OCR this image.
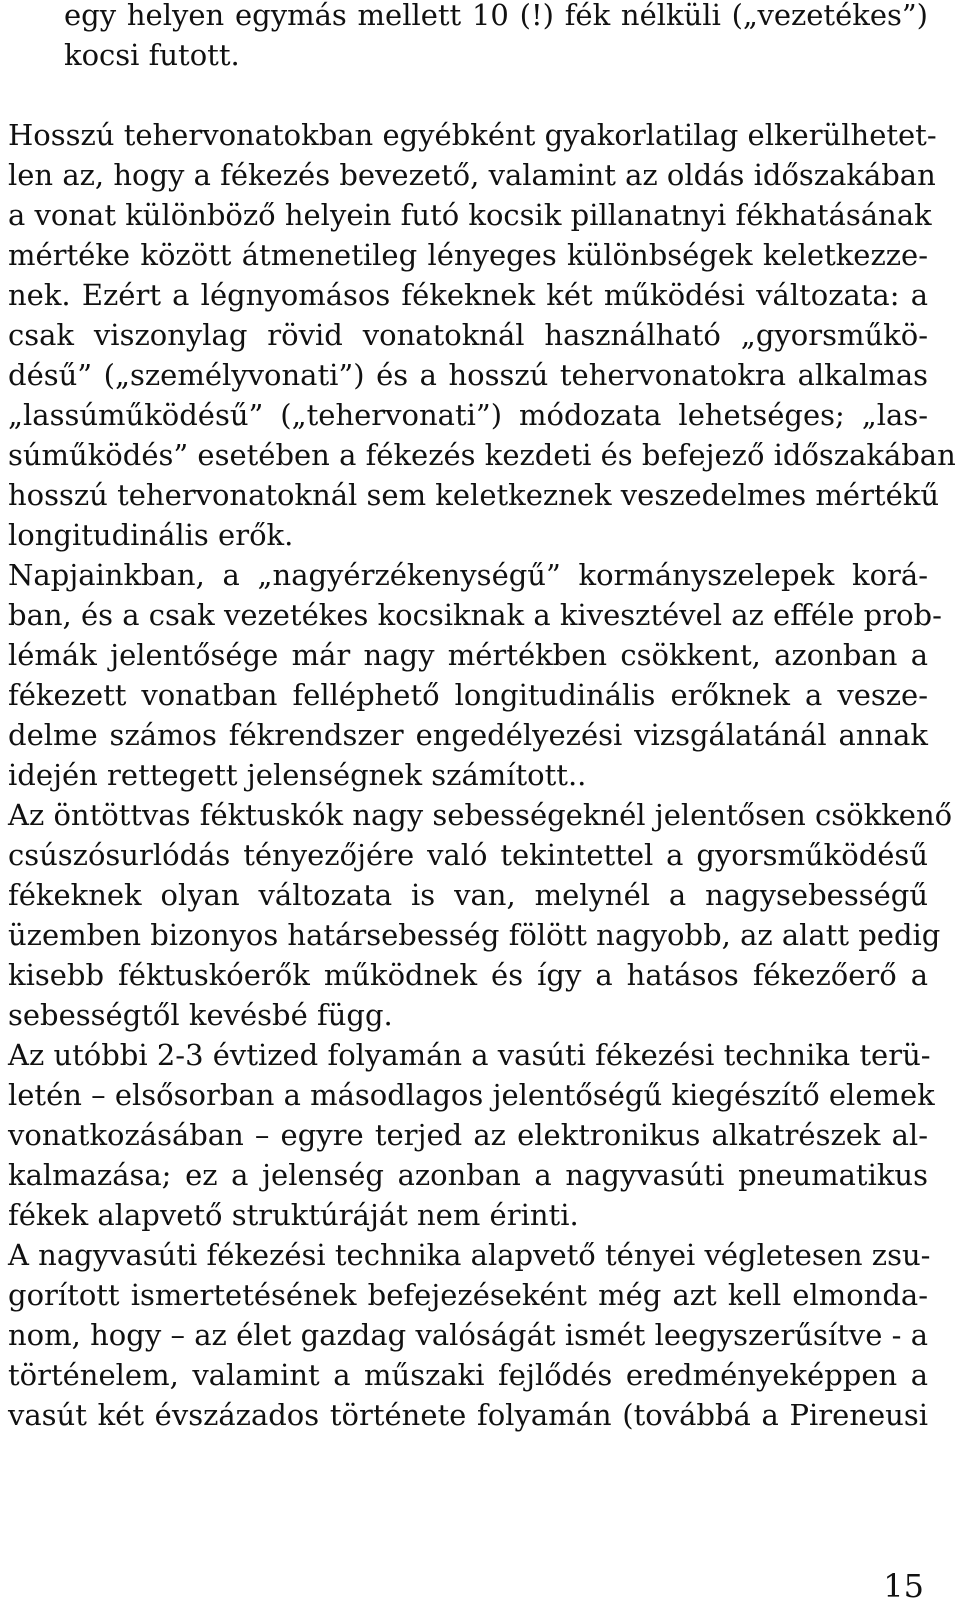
egy helyen egymás mellett 10 (!) fék nélküli („vezetékes”)
kocsi futott.
Hosszú tehervonatokban egyébként gyakorlatilag elkerülhetet-
len az, hogy a fékezés bevezető, valamint az oldás időszakában
a vonat különböző helyein futó kocsik pillanatnyi fékhatásának
mértéke között átmenetileg lényeges különbségek keletkezze-
nek. Ezért a légnyomásos fékeknek két működési változata: a
csak viszonylag rövid vonatoknál használható „gyorsműkö-
désű” („személyvonati”) és a hosszú tehervonatokra alkalmas
„lassúműködésű” („tehervonati”) módozata lehetséges; „las-
súműködés” esetében a fékezés kezdeti és befejező időszakában
hosszú tehervonatoknál sem keletkeznek veszedelmes mértékű
longitudinális erők.
Napjainkban, a „nagyérzékenységű” kormányszelepek korá-
ban, és a csak vezetékes kocsiknak a kivesztével az efféle prob-
lémák jelentősége már nagy mértékben csökkent, azonban a
fékezett vonatban felléphető longitudinális erőknek a vesze-
delme számos fékrendszer engedélyezési vizsgálatánál annak
idején rettegett jelenségnek számított..
Az öntöttvas féktuskók nagy sebességeknél jelentősen csökkenő
csúszósurlódás tényezőjére való tekintettel a gyorsműködésű
fékeknek olyan változata is van, melynél a nagysebességű
üzemben bizonyos határsebesség fölött nagyobb, az alatt pedig
kisebb féktuskóerők működnek és így a hatásos fékezőerő a
sebességtől kevésbé függ.
Az utóbbi 2-3 évtized folyamán a vasúti fékezési technika terü-
letén – elsősorban a másodlagos jelentőségű kiegészítő elemek
vonatkozásában – egyre terjed az elektronikus alkatrészek al-
kalmazása; ez a jelenség azonban a nagyvasúti pneumatikus
fékek alapvető struktúráját nem érinti.
A nagyvasúti fékezési technika alapvető tényei végletesen zsu-
gorított ismertetésének befejezéseként még azt kell elmonda-
nom, hogy – az élet gazdag valóságát ismét leegyszerűsítve - a
történelem, valamint a műszaki fejlődés eredményeképpen a
vasút két évszázados története folyamán (továbbá a Pireneusi
15
